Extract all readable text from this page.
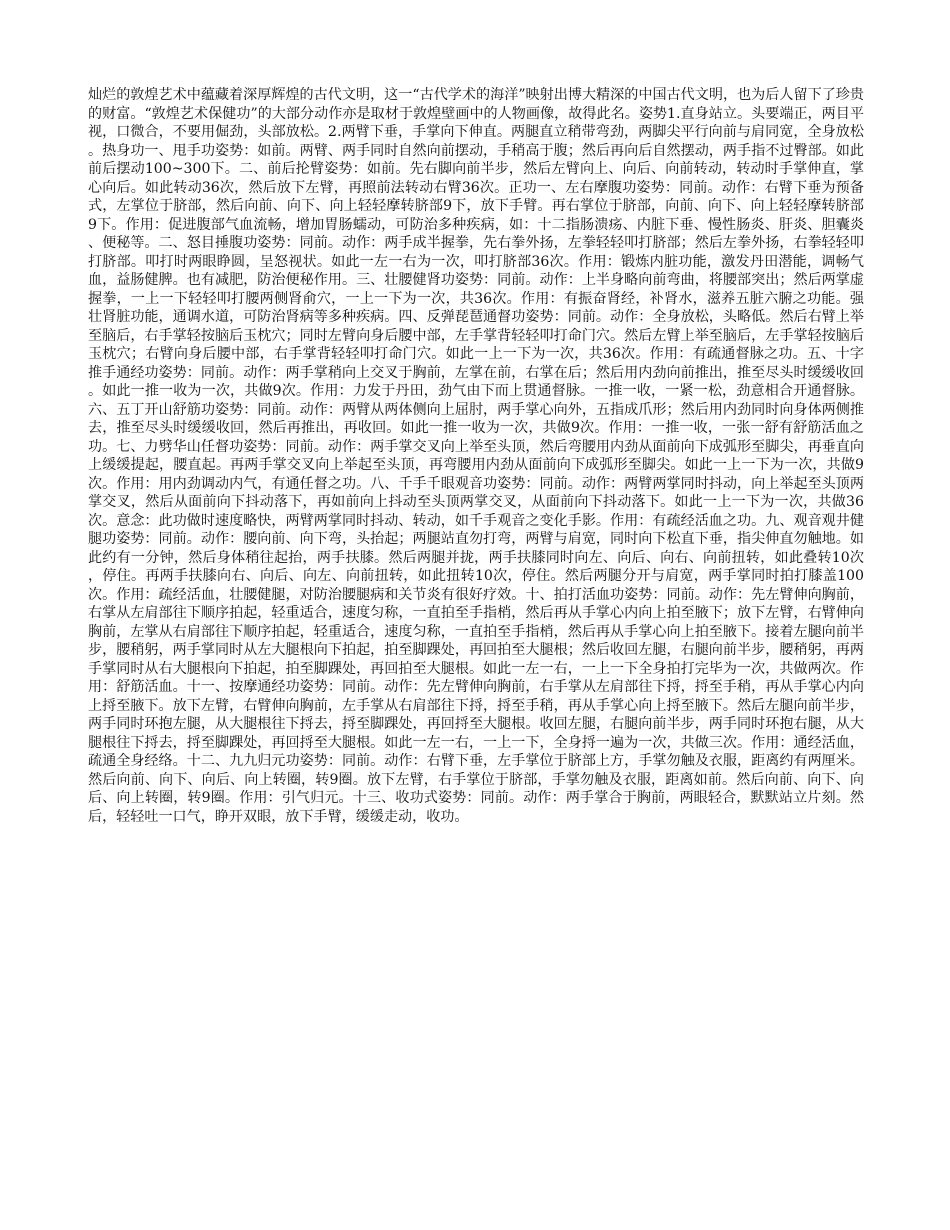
灿烂的敦煌艺术中蕴藏着深厚辉煌的古代文明，这一“古代学术的海洋”映射出博大精深的中国古代文明，也为后人留下了珍贵的财富。“敦煌艺术保健功”的大部分动作亦是取材于敦煌壁画中的人物画像，故得此名。姿势1.直身站立。头要端正，两目平视，口微合，不要用倔劲，头部放松。2.两臂下垂，手掌向下伸直。两腿直立稍带弯劲，两脚尖平行向前与肩同宽，全身放松。热身功一、甩手功姿势：如前。两臂、两手同时自然向前摆动，手稍高于腹；然后再向后自然摆动，两手指不过臀部。如此前后摆动100~300下。二、前后抡臂姿势：如前。先右脚向前半步，然后左臂向上、向后、向前转动，转动时手掌伸直，掌心向后。如此转动36次，然后放下左臂，再照前法转动右臂36次。正功一、左右摩腹功姿势：同前。动作：右臂下垂为预备式，左掌位于脐部，然后向前、向下、向上轻轻摩转脐部9下，放下手臂。再右掌位于脐部，向前、向下、向上轻轻摩转脐部9下。作用：促进腹部气血流畅，增加胃肠蠕动，可防治多种疾病，如：十二指肠溃疡、内脏下垂、慢性肠炎、肝炎、胆囊炎、便秘等。二、怒目捶腹功姿势：同前。动作：两手成半握拳，先右拳外扬，左拳轻轻叩打脐部；然后左拳外扬，右拳轻轻叩打脐部。叩打时两眼睁圆，呈怒视状。如此一左一右为一次，叩打脐部36次。作用：锻炼内脏功能，激发丹田潜能，调畅气血，益肠健脾。也有减肥，防治便秘作用。三、壮腰健肾功姿势：同前。动作：上半身略向前弯曲，将腰部突出；然后两掌虚握拳，一上一下轻轻叩打腰两侧肾俞穴，一上一下为一次，共36次。作用：有振奋肾经，补肾水，滋养五脏六腑之功能。强壮肾脏功能，通调水道，可防治肾病等多种疾病。四、反弹琵琶通督功姿势：同前。动作：全身放松，头略低。然后右臂上举至脑后，右手掌轻按脑后玉枕穴；同时左臂向身后腰中部，左手掌背轻轻叩打命门穴。然后左臂上举至脑后，左手掌轻按脑后玉枕穴；右臂向身后腰中部，右手掌背轻轻叩打命门穴。如此一上一下为一次，共36次。作用：有疏通督脉之功。五、十字推手通经功姿势：同前。动作：两手掌稍向上交叉于胸前，左掌在前，右掌在后；然后用内劲向前推出，推至尽头时缓缓收回。如此一推一收为一次，共做9次。作用：力发于丹田，劲气由下而上贯通督脉。一推一收，一紧一松，劲意相合开通督脉。六、五丁开山舒筋功姿势：同前。动作：两臂从两体侧向上屈肘，两手掌心向外，五指成爪形；然后用内劲同时向身体两侧推去，推至尽头时缓缓收回，然后再推出，再收回。如此一推一收为一次，共做9次。作用：一推一收，一张一舒有舒筋活血之功。七、力劈华山任督功姿势：同前。动作：两手掌交叉向上举至头顶，然后弯腰用内劲从面前向下成弧形至脚尖，再垂直向上缓缓提起，腰直起。再两手掌交叉向上举起至头顶，再弯腰用内劲从面前向下成弧形至脚尖。如此一上一下为一次，共做9次。作用：用内劲调动内气，有通任督之功。八、千手千眼观音功姿势：同前。动作：两臂两掌同时抖动，向上举起至头顶两掌交叉，然后从面前向下抖动落下，再如前向上抖动至头顶两掌交叉，从面前向下抖动落下。如此一上一下为一次，共做36次。意念：此功做时速度略快，两臂两掌同时抖动、转动，如千手观音之变化手影。作用：有疏经活血之功。九、观音观井健腿功姿势：同前。动作：腰向前、向下弯，头抬起；两腿站直勿打弯，两臂与肩宽，同时向下松直下垂，指尖伸直勿触地。如此约有一分钟，然后身体稍往起抬，两手扶膝。然后两腿并拢，两手扶膝同时向左、向后、向右、向前扭转，如此叠转10次，停住。再两手扶膝向右、向后、向左、向前扭转，如此扭转10次，停住。然后两腿分开与肩宽，两手掌同时拍打膝盖100次。作用：疏经活血，壮腰健腿，对防治腰腿病和关节炎有很好疗效。十、拍打活血功姿势：同前。动作：先左臂伸向胸前，右掌从左肩部往下顺序拍起，轻重适合，速度匀称，一直拍至手指梢，然后再从手掌心内向上拍至腋下；放下左臂，右臂伸向胸前，左掌从右肩部往下顺序拍起，轻重适合，速度匀称，一直拍至手指梢，然后再从手掌心向上拍至腋下。接着左腿向前半步，腰稍躬，两手掌同时从左大腿根向下拍起，拍至脚踝处，再回拍至大腿根；然后收回左腿，右腿向前半步，腰稍躬，再两手掌同时从右大腿根向下拍起，拍至脚踝处，再回拍至大腿根。如此一左一右，一上一下全身拍打完毕为一次，共做两次。作用：舒筋活血。十一、按摩通经功姿势：同前。动作：先左臂伸向胸前，右手掌从左肩部往下捋，捋至手稍，再从手掌心内向上捋至腋下。放下左臂，右臂伸向胸前，左手掌从右肩部往下捋，捋至手稍，再从手掌心向上捋至腋下。然后左腿向前半步，两手同时环抱左腿，从大腿根往下捋去，捋至脚踝处，再回捋至大腿根。收回左腿，右腿向前半步，两手同时环抱右腿，从大腿根往下捋去，捋至脚踝处，再回捋至大腿根。如此一左一右，一上一下，全身捋一遍为一次，共做三次。作用：通经活血，疏通全身经络。十二、九九归元功姿势：同前。动作：右臂下垂，左手掌位于脐部上方，手掌勿触及衣服，距离约有两厘米。然后向前、向下、向后、向上转圈，转9圈。放下左臂，右手掌位于脐部，手掌勿触及衣服，距离如前。然后向前、向下、向后、向上转圈，转9圈。作用：引气归元。十三、收功式姿势：同前。动作：两手掌合于胸前，两眼轻合，默默站立片刻。然后，轻轻吐一口气，睁开双眼，放下手臂，缓缓走动，收功。
